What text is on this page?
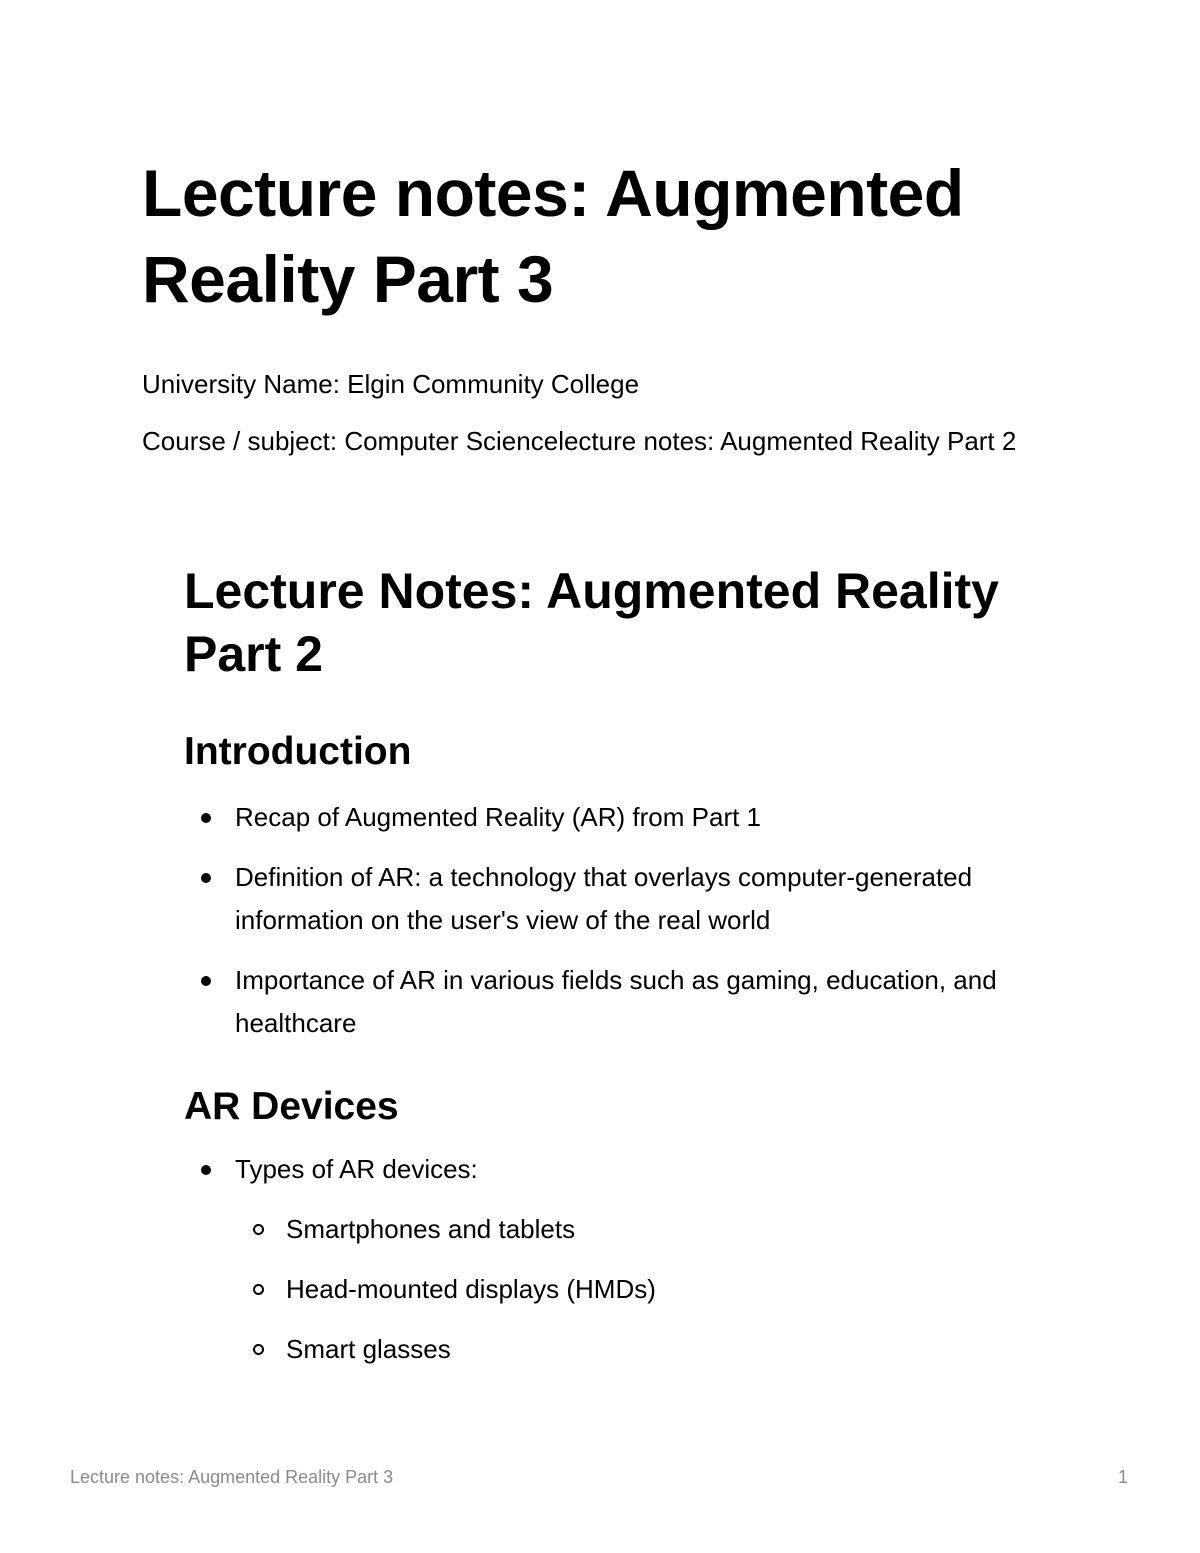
Lecture notes: Augmented Reality Part 3

University Name: Elgin Community College

Course / subject: Computer Sciencelecture notes: Augmented Reality Part 2

Lecture Notes: Augmented Reality Part 2
Introduction
Recap of Augmented Reality (AR) from Part 1
Definition of AR: a technology that overlays computer-generated information on the user's view of the real world
Importance of AR in various fields such as gaming, education, and healthcare
AR Devices
Types of AR devices:
Smartphones and tablets
Head-mounted displays (HMDs)
Smart glasses
Lecture notes: Augmented Reality Part 3	1
